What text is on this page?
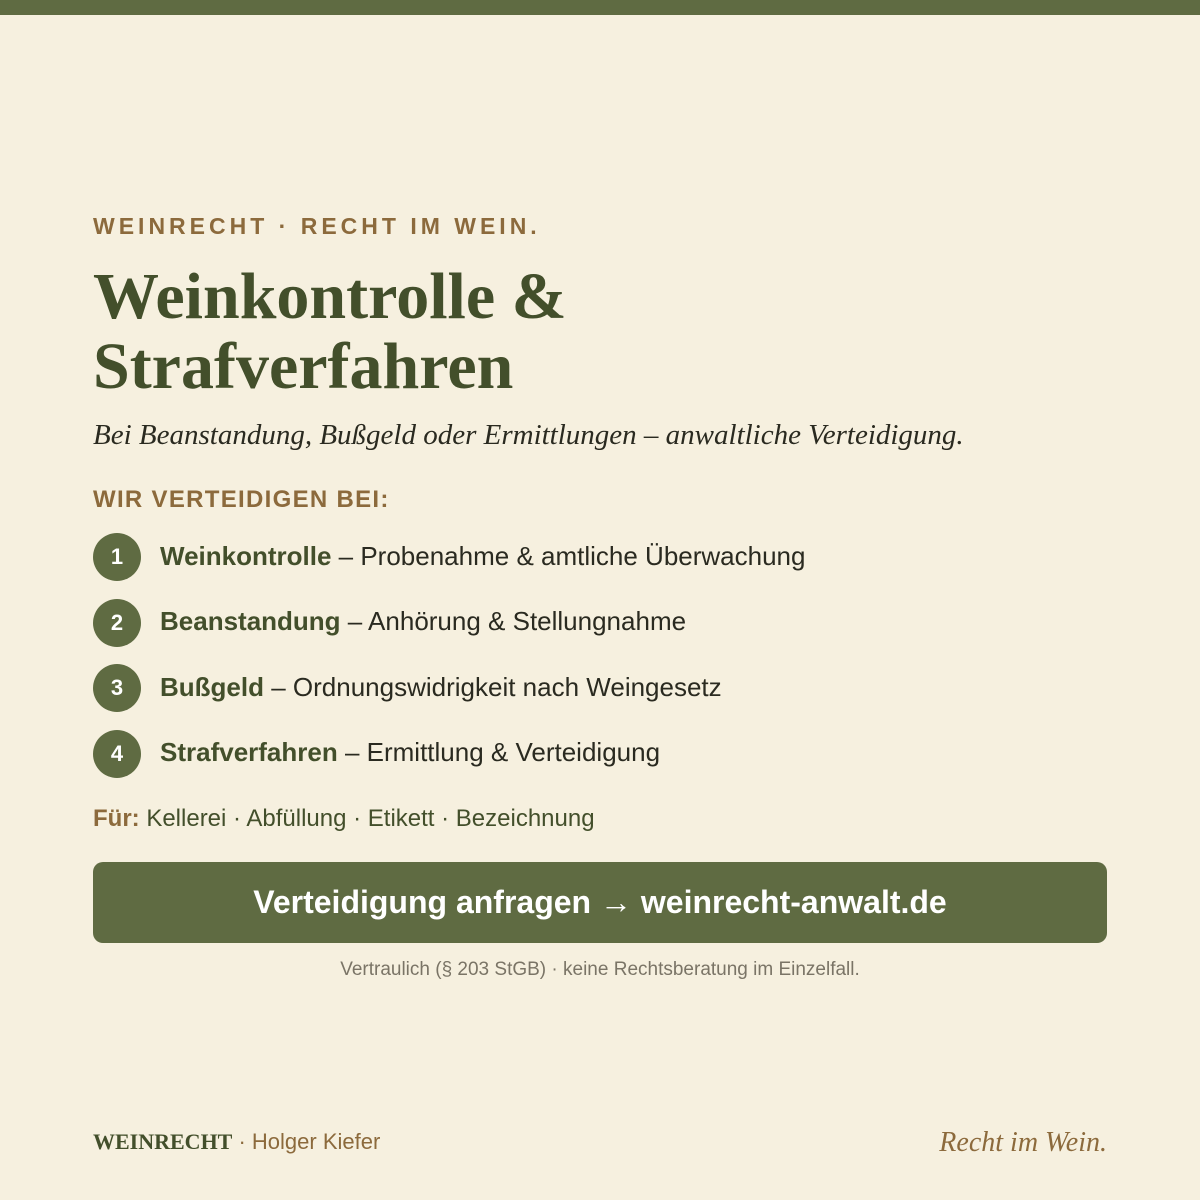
WEINRECHT · RECHT IM WEIN.
Weinkontrolle &
Strafverfahren
Bei Beanstandung, Bußgeld oder Ermittlungen – anwaltliche Verteidigung.
WIR VERTEIDIGEN BEI:
1	Weinkontrolle – Probenahme & amtliche Überwachung
2	Beanstandung – Anhörung & Stellungnahme
3	Bußgeld – Ordnungswidrigkeit nach Weingesetz
4	Strafverfahren – Ermittlung & Verteidigung
Für: Kellerei · Abfüllung · Etikett · Bezeichnung
Verteidigung anfragen → weinrecht-anwalt.de
Vertraulich (§ 203 StGB) · keine Rechtsberatung im Einzelfall.
WEINRECHT · Holger Kiefer	Recht im Wein.
